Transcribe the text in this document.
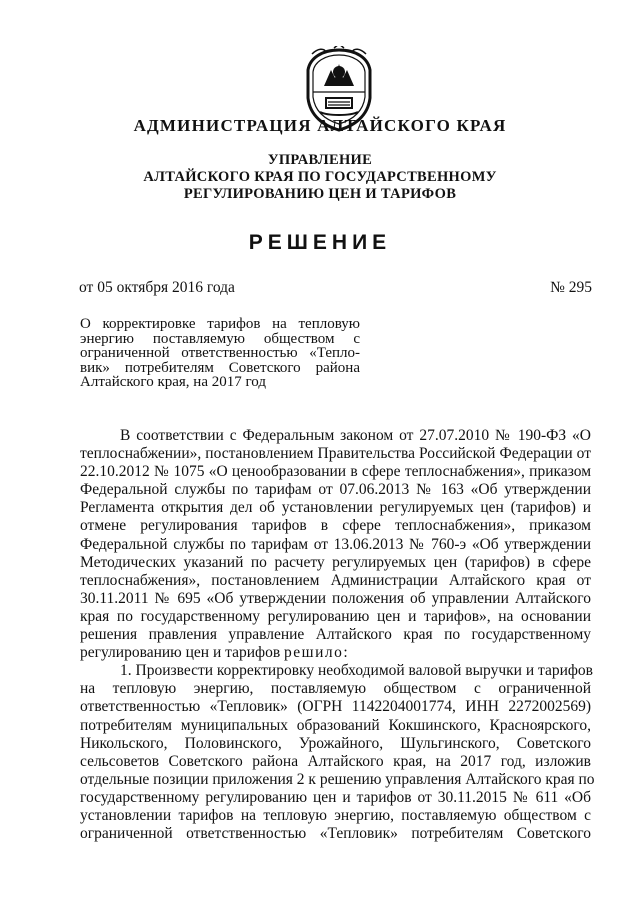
АДМИНИСТРАЦИЯ АЛТАЙСКОГО КРАЯ
УПРАВЛЕНИЕ
АЛТАЙСКОГО КРАЯ ПО ГОСУДАРСТВЕННОМУ
РЕГУЛИРОВАНИЮ ЦЕН И ТАРИФОВ
РЕШЕНИЕ
от 05 октября 2016 года	№ 295
О корректировке тарифов на тепловую
энергию поставляемую обществом с
ограниченной ответственностью «Тепло-
вик» потребителям Советского района
Алтайского края, на 2017 год
В соответствии с Федеральным законом от 27.07.2010 № 190-ФЗ «О
теплоснабжении», постановлением Правительства Российской Федерации от
22.10.2012 № 1075 «О ценообразовании в сфере теплоснабжения», приказом
Федеральной службы по тарифам от 07.06.2013 № 163 «Об утверждении
Регламента открытия дел об установлении регулируемых цен (тарифов) и
отмене регулирования тарифов в сфере теплоснабжения», приказом
Федеральной службы по тарифам от 13.06.2013 № 760-э «Об утверждении
Методических указаний по расчету регулируемых цен (тарифов) в сфере
теплоснабжения», постановлением Администрации Алтайского края от
30.11.2011 № 695 «Об утверждении положения об управлении Алтайского
края по государственному регулированию цен и тарифов», на основании
решения правления управление Алтайского края по государственному
регулированию цен и тарифов решило:
1. Произвести корректировку необходимой валовой выручки и тарифов
на тепловую энергию, поставляемую обществом с ограниченной
ответственностью «Тепловик» (ОГРН 1142204001774, ИНН 2272002569)
потребителям муниципальных образований Кокшинского, Красноярского,
Никольского, Половинского, Урожайного, Шульгинского, Советского
сельсоветов Советского района Алтайского края, на 2017 год, изложив
отдельные позиции приложения 2 к решению управления Алтайского края по
государственному регулированию цен и тарифов от 30.11.2015 № 611 «Об
установлении тарифов на тепловую энергию, поставляемую обществом с
ограниченной ответственностью «Тепловик» потребителям Советского
